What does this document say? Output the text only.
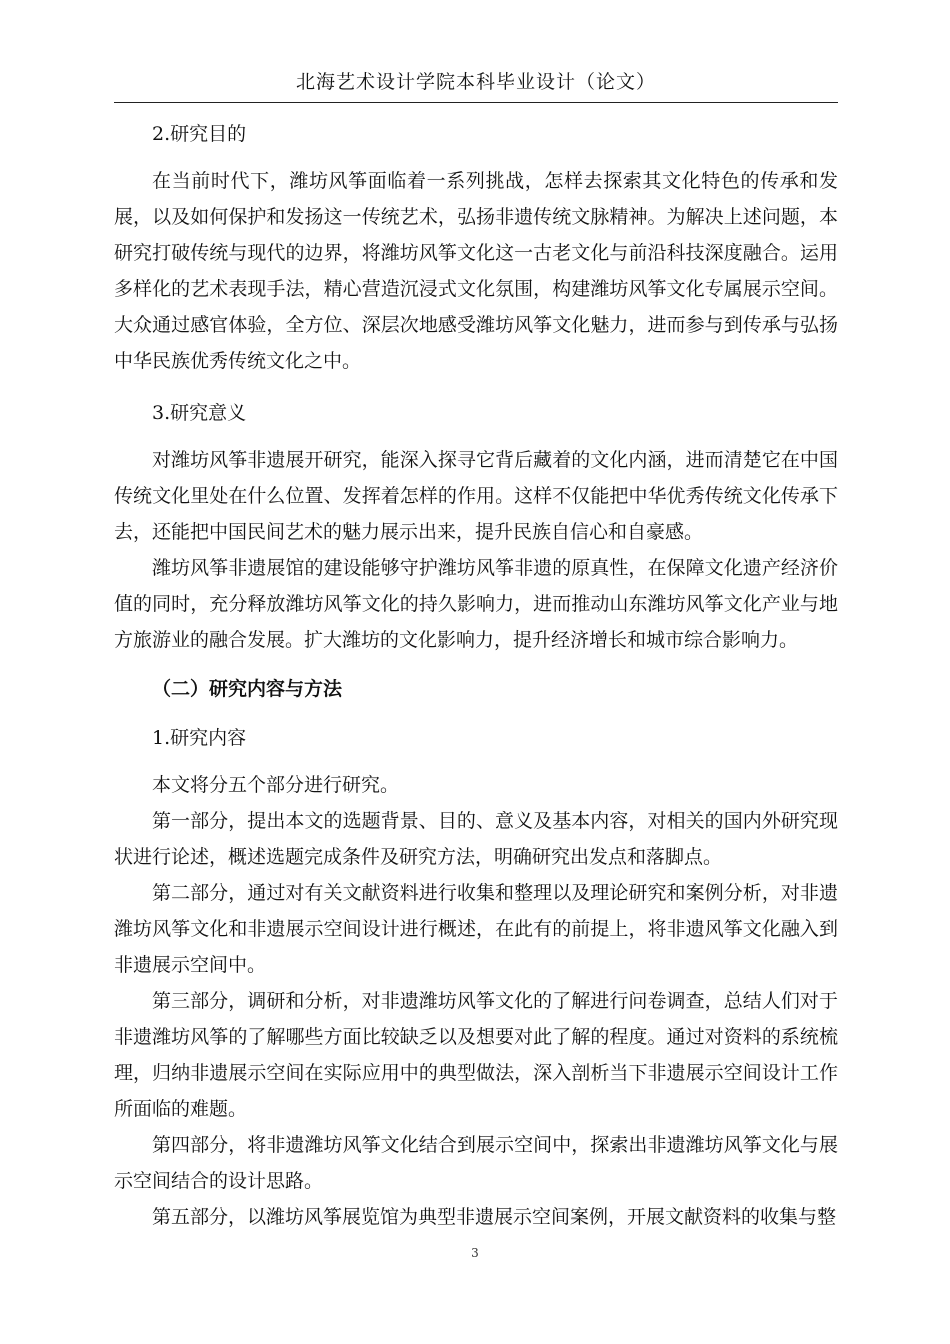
北海艺术设计学院本科毕业设计（论文）
2.研究目的

在当前时代下，潍坊风筝面临着一系列挑战，怎样去探索其文化特色的传承和发展，以及如何保护和发扬这一传统艺术，弘扬非遗传统文脉精神。为解决上述问题，本研究打破传统与现代的边界，将潍坊风筝文化这一古老文化与前沿科技深度融合。运用多样化的艺术表现手法，精心营造沉浸式文化氛围，构建潍坊风筝文化专属展示空间。大众通过感官体验，全方位、深层次地感受潍坊风筝文化魅力，进而参与到传承与弘扬中华民族优秀传统文化之中。

3.研究意义

对潍坊风筝非遗展开研究，能深入探寻它背后藏着的文化内涵，进而清楚它在中国传统文化里处在什么位置、发挥着怎样的作用。这样不仅能把中华优秀传统文化传承下去，还能把中国民间艺术的魅力展示出来，提升民族自信心和自豪感。

潍坊风筝非遗展馆的建设能够守护潍坊风筝非遗的原真性，在保障文化遗产经济价值的同时，充分释放潍坊风筝文化的持久影响力，进而推动山东潍坊风筝文化产业与地方旅游业的融合发展。扩大潍坊的文化影响力，提升经济增长和城市综合影响力。

（二）研究内容与方法
1.研究内容

本文将分五个部分进行研究。

第一部分，提出本文的选题背景、目的、意义及基本内容，对相关的国内外研究现状进行论述，概述选题完成条件及研究方法，明确研究出发点和落脚点。

第二部分，通过对有关文献资料进行收集和整理以及理论研究和案例分析，对非遗潍坊风筝文化和非遗展示空间设计进行概述，在此有的前提上，将非遗风筝文化融入到非遗展示空间中。

第三部分，调研和分析，对非遗潍坊风筝文化的了解进行问卷调查，总结人们对于非遗潍坊风筝的了解哪些方面比较缺乏以及想要对此了解的程度。通过对资料的系统梳理，归纳非遗展示空间在实际应用中的典型做法，深入剖析当下非遗展示空间设计工作所面临的难题。

第四部分，将非遗潍坊风筝文化结合到展示空间中，探索出非遗潍坊风筝文化与展示空间结合的设计思路。

第五部分，以潍坊风筝展览馆为典型非遗展示空间案例，开展文献资料的收集与整

3
